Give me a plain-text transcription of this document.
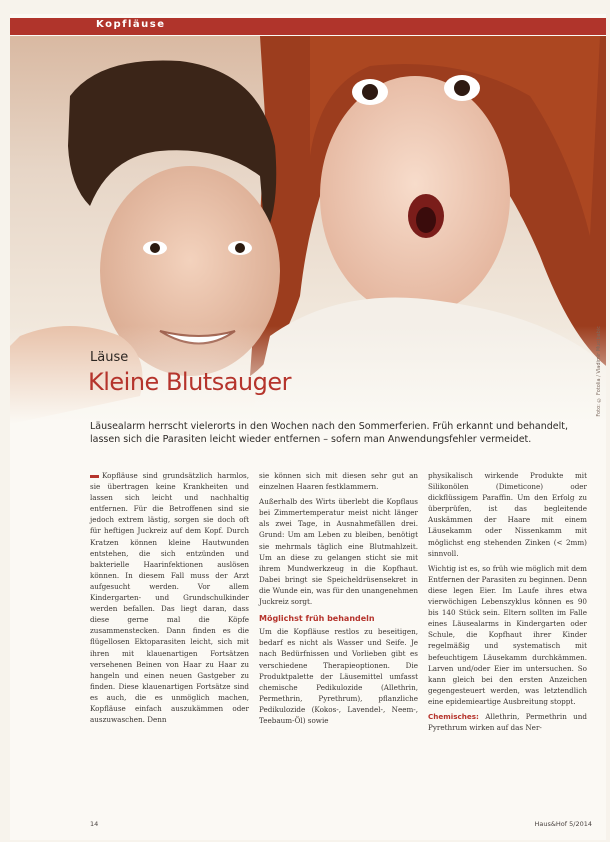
Kopfläuse
Foto: © Fotolia / Vladimir Mucibabic
Läuse
Kleine Blutsauger
Läusealarm herrscht vielerorts in den Wochen nach den Sommerferien. Früh erkannt und behandelt, lassen sich die Parasiten leicht wieder entfernen – sofern man Anwendungsfehler vermeidet.

Kopfläuse sind grundsätzlich harmlos, sie übertragen keine Krankheiten und lassen sich leicht und nachhaltig entfernen. Für die Betroffenen sind sie jedoch extrem lästig, sorgen sie doch oft für heftigen Juckreiz auf dem Kopf. Durch Kratzen können kleine Hautwunden entstehen, die sich entzünden und bakterielle Haarinfektionen auslösen können. In diesem Fall muss der Arzt aufgesucht werden. Vor allem Kindergarten- und Grundschulkinder werden befallen. Das liegt daran, dass diese gerne mal die Köpfe zusammenstecken. Dann finden es die flügellosen Ektoparasiten leicht, sich mit ihren mit klauenartigen Fortsätzen versehenen Beinen von Haar zu Haar zu hangeln und einen neuen Gastgeber zu finden. Diese klauenartigen Fortsätze sind es auch, die es unmöglich machen, Kopfläuse einfach auszukämmen oder auszuwaschen. Denn

sie können sich mit diesen sehr gut an einzelnen Haaren festklammern.

Außerhalb des Wirts überlebt die Kopflaus bei Zimmertemperatur meist nicht länger als zwei Tage, in Ausnahmefällen drei. Grund: Um am Leben zu bleiben, benötigt sie mehrmals täglich eine Blutmahlzeit. Um an diese zu gelangen sticht sie mit ihrem Mundwerkzeug in die Kopfhaut. Dabei bringt sie Speicheldrüsensekret in die Wunde ein, was für den unangenehmen Juckreiz sorgt.

Möglichst früh behandeln

Um die Kopfläuse restlos zu beseitigen, bedarf es nicht als Wasser und Seife. Je nach Bedürfnissen und Vorlieben gibt es verschiedene Therapieoptionen. Die Produktpalette der Läusemittel umfasst chemische Pedikulozide (Allethrin, Permethrin, Pyrethrum), pflanzliche Pedikulozide (Kokos-, Lavendel-, Neem-, Teebaum-Öl) sowie

physikalisch wirkende Produkte mit Silikonölen (Dimeticone) oder dickflüssigem Paraffin. Um den Erfolg zu überprüfen, ist das begleitende Auskämmen der Haare mit einem Läusekamm oder Nissenkamm mit möglichst eng stehenden Zinken (< 2mm) sinnvoll.

Wichtig ist es, so früh wie möglich mit dem Entfernen der Parasiten zu beginnen. Denn diese legen Eier. Im Laufe ihres etwa vierwöchigen Lebenszyklus können es 90 bis 140 Stück sein. Eltern sollten im Falle eines Läusealarms in Kindergarten oder Schule, die Kopfhaut ihrer Kinder regelmäßig und systematisch mit befeuchtigem Läusekamm durchkämmen. Larven und/oder Eier im untersuchen. So kann gleich bei den ersten Anzeichen gegengesteuert werden, was letztendlich eine epidemieartige Ausbreitung stoppt.

Chemisches: Allethrin, Permethrin und Pyrethrum wirken auf das Ner-

14	Haus&Hof 5/2014
